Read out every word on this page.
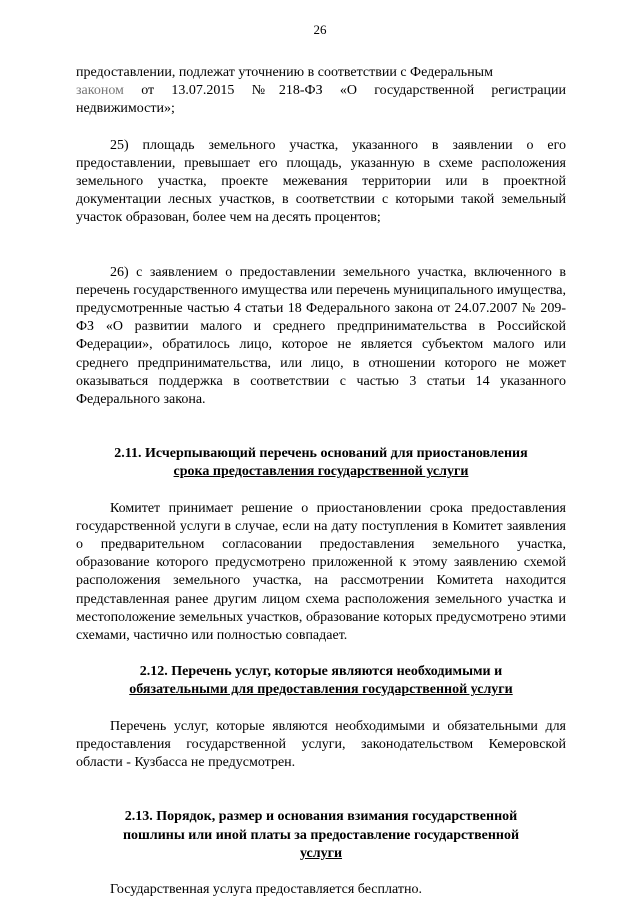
26

предоставлении, подлежат уточнению в соответствии с Федеральным
законом от 13.07.2015 №218-ФЗ «О государственной регистрации недвижимости»;

25) площадь земельного участка, указанного в заявлении о его предоставлении, превышает его площадь, указанную в схеме расположения земельного участка, проекте межевания территории или в проектной документации лесных участков, в соответствии с которыми такой земельный участок образован, более чем на десять процентов;

26) с заявлением о предоставлении земельного участка, включенного в перечень государственного имущества или перечень муниципального имущества, предусмотренные частью 4 статьи 18 Федерального закона от 24.07.2007 № 209-ФЗ «О развитии малого и среднего предпринимательства в Российской Федерации», обратилось лицо, которое не является субъектом малого или среднего предпринимательства, или лицо, в отношении которого не может оказываться поддержка в соответствии с частью 3 статьи 14 указанного Федерального закона.

2.11. Исчерпывающий перечень оснований для приостановления
срока предоставления государственной услуги

Комитет принимает решение о приостановлении срока предоставления государственной услуги в случае, если на дату поступления в Комитет заявления о предварительном согласовании предоставления земельного участка, образование которого предусмотрено приложенной к этому заявлению схемой расположения земельного участка, на рассмотрении Комитета находится представленная ранее другим лицом схема расположения земельного участка и местоположение земельных участков, образование которых предусмотрено этими схемами, частично или полностью совпадает.

2.12. Перечень услуг, которые являются необходимыми и
обязательными для предоставления государственной услуги

Перечень услуг, которые являются необходимыми и обязательными для предоставления государственной услуги, законодательством Кемеровской области - Кузбасса не предусмотрен.

2.13. Порядок, размер и основания взимания государственной
пошлины или иной платы за предоставление государственной
услуги

Государственная услуга предоставляется бесплатно.
